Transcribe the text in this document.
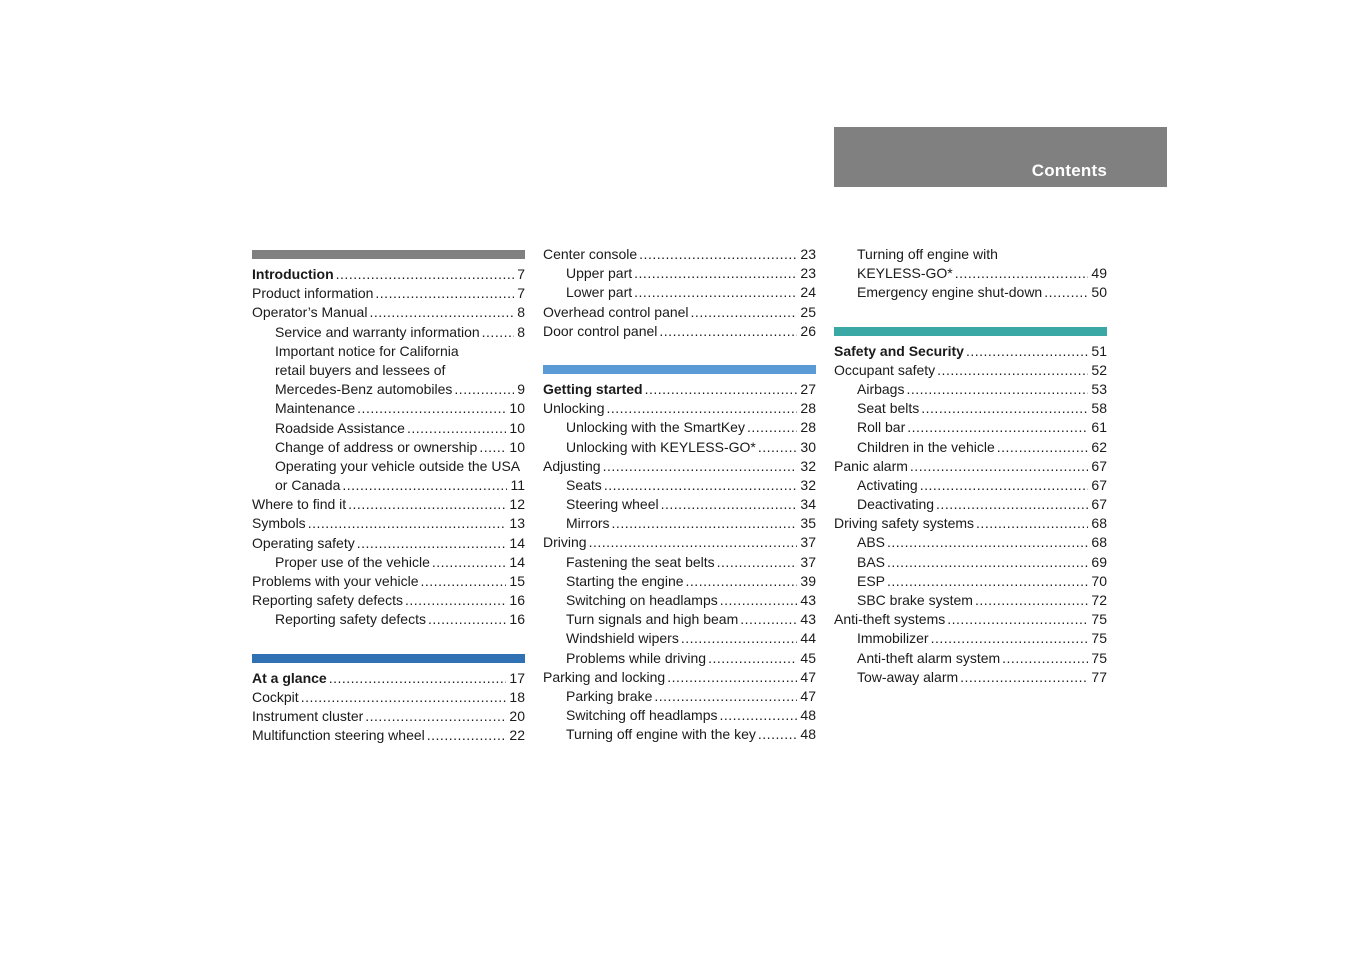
Contents
Introduction .....	7
Product information .....	7
Operator’s Manual .....	8
Service and warranty information .....	8
Important notice for California
retail buyers and lessees of
Mercedes-Benz automobiles .....	9
Maintenance .....	10
Roadside Assistance .....	10
Change of address or ownership ..... 10
Operating your vehicle outside the USA
or Canada .....	11
Where to find it .....	12
Symbols .....	13
Operating safety .....	14
Proper use of the vehicle .....	14
Problems with your vehicle .....	15
Reporting safety defects .....	16
Reporting safety defects .....	16
At a glance .....	17
Cockpit .....	18
Instrument cluster .....	20
Multifunction steering wheel .....	22
Center console .....	23
Upper part .....	23
Lower part .....	24
Overhead control panel .....	25
Door control panel .....	26
Getting started .....	27
Unlocking .....	28
Unlocking with the SmartKey .....	28
Unlocking with KEYLESS-GO* .....	30
Adjusting .....	32
Seats .....	32
Steering wheel .....	34
Mirrors .....	35
Driving .....	37
Fastening the seat belts .....	37
Starting the engine .....	39
Switching on headlamps .....	43
Turn signals and high beam .....	43
Windshield wipers .....	44
Problems while driving .....	45
Parking and locking .....	47
Parking brake .....	47
Switching off headlamps .....	48
Turning off engine with the key .....	48
Turning off engine with
KEYLESS-GO* .....	49
Emergency engine shut-down .....	50
Safety and Security .....	51
Occupant safety .....	52
Airbags .....	53
Seat belts .....	58
Roll bar .....	61
Children in the vehicle .....	62
Panic alarm .....	67
Activating .....	67
Deactivating .....	67
Driving safety systems .....	68
ABS .....	68
BAS .....	69
ESP .....	70
SBC brake system .....	72
Anti-theft systems .....	75
Immobilizer .....	75
Anti-theft alarm system .....	75
Tow-away alarm .....	77
